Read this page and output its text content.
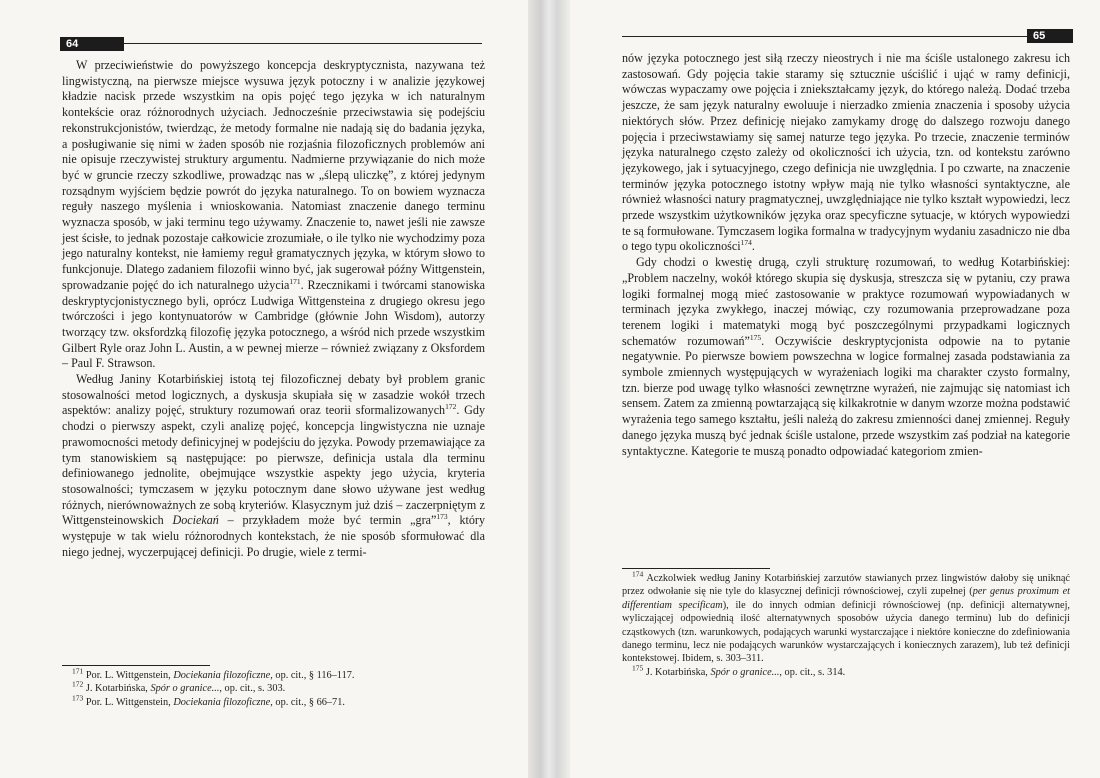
64

W przeciwieństwie do powyższego koncepcja deskryptycznista, nazywana też lingwistyczną, na pierwsze miejsce wysuwa język potoczny i w analizie językowej kładzie nacisk przede wszystkim na opis pojęć tego języka w ich naturalnym kontekście oraz różnorodnych użyciach. Jednocześnie przeciwstawia się podejściu rekonstrukcjonistów, twierdząc, że metody formalne nie nadają się do badania języka, a posługiwanie się nimi w żaden sposób nie rozjaśnia filozoficznych problemów ani nie opisuje rzeczywistej struktury argumentu. Nadmierne przywiązanie do nich może być w gruncie rzeczy szkodliwe, prowadząc nas w „ślepą uliczkę”, z której jedynym rozsądnym wyjściem będzie powrót do języka naturalnego. To on bowiem wyznacza reguły naszego myślenia i wnioskowania. Natomiast znaczenie danego terminu wyznacza sposób, w jaki terminu tego używamy. Znaczenie to, nawet jeśli nie zawsze jest ścisłe, to jednak pozostaje całkowicie zrozumiałe, o ile tylko nie wychodzimy poza jego naturalny kontekst, nie łamiemy reguł gramatycznych języka, w którym słowo to funkcjonuje. Dlatego zadaniem filozofii winno być, jak sugerował późny Wittgenstein, sprowadzanie pojęć do ich naturalnego użycia$^{171}$. Rzecznikami i twórcami stanowiska deskryptycjonistycznego byli, oprócz Ludwiga Wittgensteina z drugiego okresu jego twórczości i jego kontynuatorów w Cambridge (głównie John Wisdom), autorzy tworzący tzw. oksfordzką filozofię języka potocznego, a wśród nich przede wszystkim Gilbert Ryle oraz John L. Austin, a w pewnej mierze – również związany z Oksfordem – Paul F. Strawson.

Według Janiny Kotarbińskiej istotą tej filozoficznej debaty był problem granic stosowalności metod logicznych, a dyskusja skupiała się w zasadzie wokół trzech aspektów: analizy pojęć, struktury rozumowań oraz teorii sformalizowanych$^{172}$. Gdy chodzi o pierwszy aspekt, czyli analizę pojęć, koncepcja lingwistyczna nie uznaje prawomocności metody definicyjnej w podejściu do języka. Powody przemawiające za tym stanowiskiem są następujące: po pierwsze, definicja ustala dla terminu definiowanego jednolite, obejmujące wszystkie aspekty jego użycia, kryteria stosowalności; tymczasem w języku potocznym dane słowo używane jest według różnych, nierównoważnych ze sobą kryteriów. Klasycznym już dziś – zaczerpniętym z Wittgensteinowskich Dociekań – przykładem może być termin „gra”$^{173}$, który występuje w tak wielu różnorodnych kontekstach, że nie sposób sformułować dla niego jednej, wyczerpującej definicji. Po drugie, wiele z termi-

$^{171}$ Por. L. Wittgenstein, Dociekania filozoficzne, op. cit., § 116–117.
$^{172}$ J. Kotarbińska, Spór o granice..., op. cit., s. 303.
$^{173}$ Por. L. Wittgenstein, Dociekania filozoficzne, op. cit., § 66–71.
65

nów języka potocznego jest siłą rzeczy nieostrych i nie ma ściśle ustalonego zakresu ich zastosowań. Gdy pojęcia takie staramy się sztucznie uściślić i ująć w ramy definicji, wówczas wypaczamy owe pojęcia i zniekształcamy język, do którego należą. Dodać trzeba jeszcze, że sam język naturalny ewoluuje i nierzadko zmienia znaczenia i sposoby użycia niektórych słów. Przez definicję niejako zamykamy drogę do dalszego rozwoju danego pojęcia i przeciwstawiamy się samej naturze tego języka. Po trzecie, znaczenie terminów języka naturalnego często zależy od okoliczności ich użycia, tzn. od kontekstu zarówno językowego, jak i sytuacyjnego, czego definicja nie uwzględnia. I po czwarte, na znaczenie terminów języka potocznego istotny wpływ mają nie tylko własności syntaktyczne, ale również własności natury pragmatycznej, uwzględniające nie tylko kształt wypowiedzi, lecz przede wszystkim użytkowników języka oraz specyficzne sytuacje, w których wypowiedzi te są formułowane. Tymczasem logika formalna w tradycyjnym wydaniu zasadniczo nie dba o tego typu okoliczności$^{174}$.

Gdy chodzi o kwestię drugą, czyli strukturę rozumowań, to według Kotarbińskiej: „Problem naczelny, wokół którego skupia się dyskusja, streszcza się w pytaniu, czy prawa logiki formalnej mogą mieć zastosowanie w praktyce rozumowań wypowiadanych w terminach języka zwykłego, inaczej mówiąc, czy rozumowania przeprowadzane poza terenem logiki i matematyki mogą być poszczególnymi przypadkami logicznych schematów rozumowań”$^{175}$. Oczywiście deskryptycjonista odpowie na to pytanie negatywnie. Po pierwsze bowiem powszechna w logice formalnej zasada podstawiania za symbole zmiennych występujących w wyrażeniach logiki ma charakter czysto formalny, tzn. bierze pod uwagę tylko własności zewnętrzne wyrażeń, nie zajmując się natomiast ich sensem. Zatem za zmienną powtarzającą się kilkakrotnie w danym wzorze można podstawić wyrażenia tego samego kształtu, jeśli należą do zakresu zmienności danej zmiennej. Reguły danego języka muszą być jednak ściśle ustalone, przede wszystkim zaś podział na kategorie syntaktyczne. Kategorie te muszą ponadto odpowiadać kategoriom zmien-

$^{174}$ Aczkolwiek według Janiny Kotarbińskiej zarzutów stawianych przez lingwistów dałoby się uniknąć przez odwołanie się nie tyle do klasycznej definicji równościowej, czyli zupełnej (per genus proximum et differentiam specificam), ile do innych odmian definicji równościowej (np. definicji alternatywnej, wyliczającej odpowiednią ilość alternatywnych sposobów użycia danego terminu) lub do definicji cząstkowych (tzn. warunkowych, podających warunki wystarczające i niektóre konieczne do zdefiniowania danego terminu, lecz nie podających warunków wystarczających i koniecznych zarazem), lub też definicji kontekstowej. Ibidem, s. 303–311.
$^{175}$ J. Kotarbińska, Spór o granice..., op. cit., s. 314.
